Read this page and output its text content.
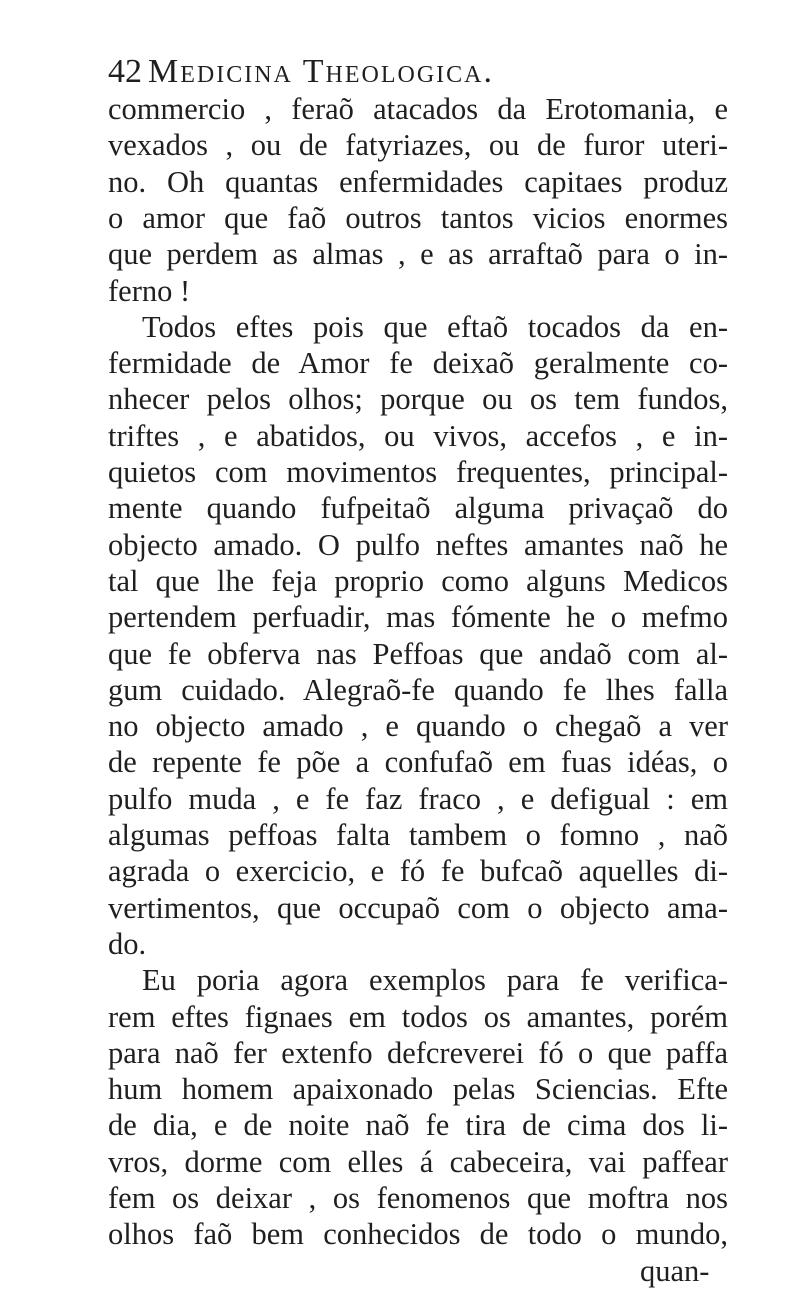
42 Medicina Theologica.
commercio , feraõ atacados da Erotomania, e
vexados , ou de fatyriazes, ou de furor uteri-
no. Oh quantas enfermidades capitaes produz
o amor que faõ outros tantos vicios enormes
que perdem as almas , e as arraftaõ para o in-
ferno !
Todos eftes pois que eftaõ tocados da en-
fermidade de Amor fe deixaõ geralmente co-
nhecer pelos olhos; porque ou os tem fundos,
triftes , e abatidos, ou vivos, accefos , e in-
quietos com movimentos frequentes, principal-
mente quando fufpeitaõ alguma privaçaõ do
objecto amado. O pulfo neftes amantes naõ he
tal que lhe feja proprio como alguns Medicos
pertendem perfuadir, mas fómente he o mefmo
que fe obferva nas Peffoas que andaõ com al-
gum cuidado. Alegraõ-fe quando fe lhes falla
no objecto amado , e quando o chegaõ a ver
de repente fe põe a confufaõ em fuas idéas, o
pulfo muda , e fe faz fraco , e defigual : em
algumas peffoas falta tambem o fomno , naõ
agrada o exercicio, e fó fe bufcaõ aquelles di-
vertimentos, que occupaõ com o objecto ama-
do.
Eu poria agora exemplos para fe verifica-
rem eftes fignaes em todos os amantes, porém
para naõ fer extenfo defcreverei fó o que paffa
hum homem apaixonado pelas Sciencias. Efte
de dia, e de noite naõ fe tira de cima dos li-
vros, dorme com elles á cabeceira, vai paffear
fem os deixar , os fenomenos que moftra nos
olhos faõ bem conhecidos de todo o mundo,
quan-
